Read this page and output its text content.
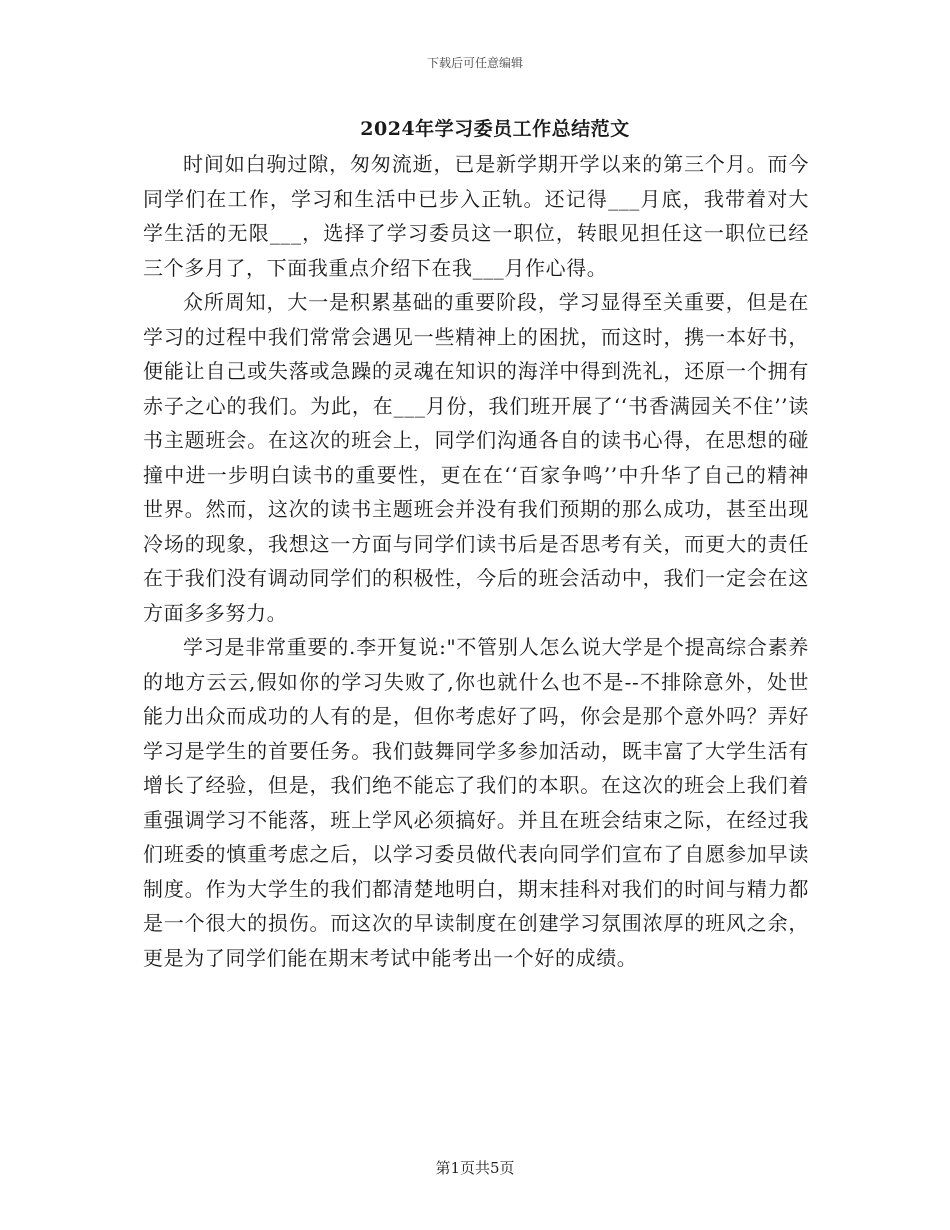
下载后可任意编辑
2024年学习委员工作总结范文

时间如白驹过隙，匆匆流逝，已是新学期开学以来的第三个月。而今同学们在工作，学习和生活中已步入正轨。还记得___月底，我带着对大学生活的无限___，选择了学习委员这一职位，转眼见担任这一职位已经三个多月了，下面我重点介绍下在我___月作心得。

众所周知，大一是积累基础的重要阶段，学习显得至关重要，但是在学习的过程中我们常常会遇见一些精神上的困扰，而这时，携一本好书，便能让自己或失落或急躁的灵魂在知识的海洋中得到洗礼，还原一个拥有赤子之心的我们。为此，在___月份，我们班开展了‘‘书香满园关不住’’读书主题班会。在这次的班会上，同学们沟通各自的读书心得，在思想的碰撞中进一步明白读书的重要性，更在在‘‘百家争鸣’’中升华了自己的精神世界。然而，这次的读书主题班会并没有我们预期的那么成功，甚至出现冷场的现象，我想这一方面与同学们读书后是否思考有关，而更大的责任在于我们没有调动同学们的积极性，今后的班会活动中，我们一定会在这方面多多努力。

学习是非常重要的.李开复说:"不管别人怎么说大学是个提高综合素养的地方云云,假如你的学习失败了,你也就什么也不是--不排除意外，处世能力出众而成功的人有的是，但你考虑好了吗，你会是那个意外吗？弄好学习是学生的首要任务。我们鼓舞同学多参加活动，既丰富了大学生活有增长了经验，但是，我们绝不能忘了我们的本职。在这次的班会上我们着重强调学习不能落，班上学风必须搞好。并且在班会结束之际，在经过我们班委的慎重考虑之后，以学习委员做代表向同学们宣布了自愿参加早读制度。作为大学生的我们都清楚地明白，期末挂科对我们的时间与精力都是一个很大的损伤。而这次的早读制度在创建学习氛围浓厚的班风之余，更是为了同学们能在期末考试中能考出一个好的成绩。

第1页共5页
